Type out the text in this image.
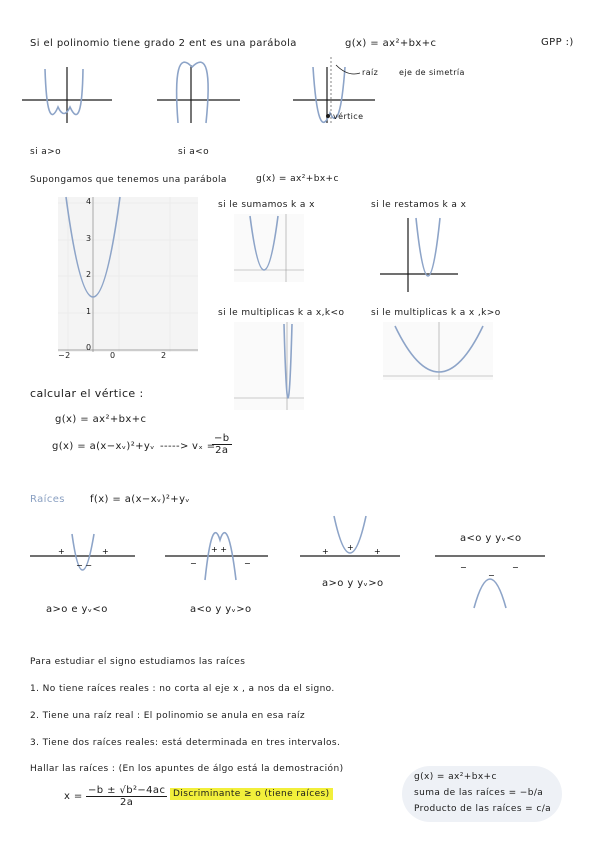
Si el polinomio tiene grado 2 ent es una parábola	g(x) = ax²+bx+c	GPP :)
raíz	eje de simetría
vértice
si a>o	si a<o
Supongamos que tenemos una parábola	g(x) = ax²+bx+c
4
3
2
1
0
−2	0	2
si le sumamos k a x	si le restamos k a x
si le multiplicas k a x,k<o	si le multiplicas k a x ,k>o
calcular el vértice :
g(x) = ax²+bx+c
g(x) = a(x−xᵥ)²+yᵥ -----> vₓ =
$\frac{-b}{2a}$
Raíces	f(x) = a(x−xᵥ)²+yᵥ
+	+
− −
+ +
−	−
+ +	+
−
−
−
a>o e yᵥ<o	a<o y yᵥ>o
a>o y yᵥ>o
a<o y yᵥ<o
Para estudiar el signo estudiamos las raíces
1. No tiene raíces reales : no corta al eje x , a nos da el signo.
2. Tiene una raíz real : El polinomio se anula en esa raíz
3. Tiene dos raíces reales: está determinada en tres intervalos.
Hallar las raíces : (En los apuntes de álgo está la demostración)
$x = \frac{\text{−b ± √b²−4ac}}{2a}$ Discriminante ≥ o (tiene raíces)
g(x) = ax²+bx+c
suma de las raíces = −b/a
Producto de las raíces = c/a
